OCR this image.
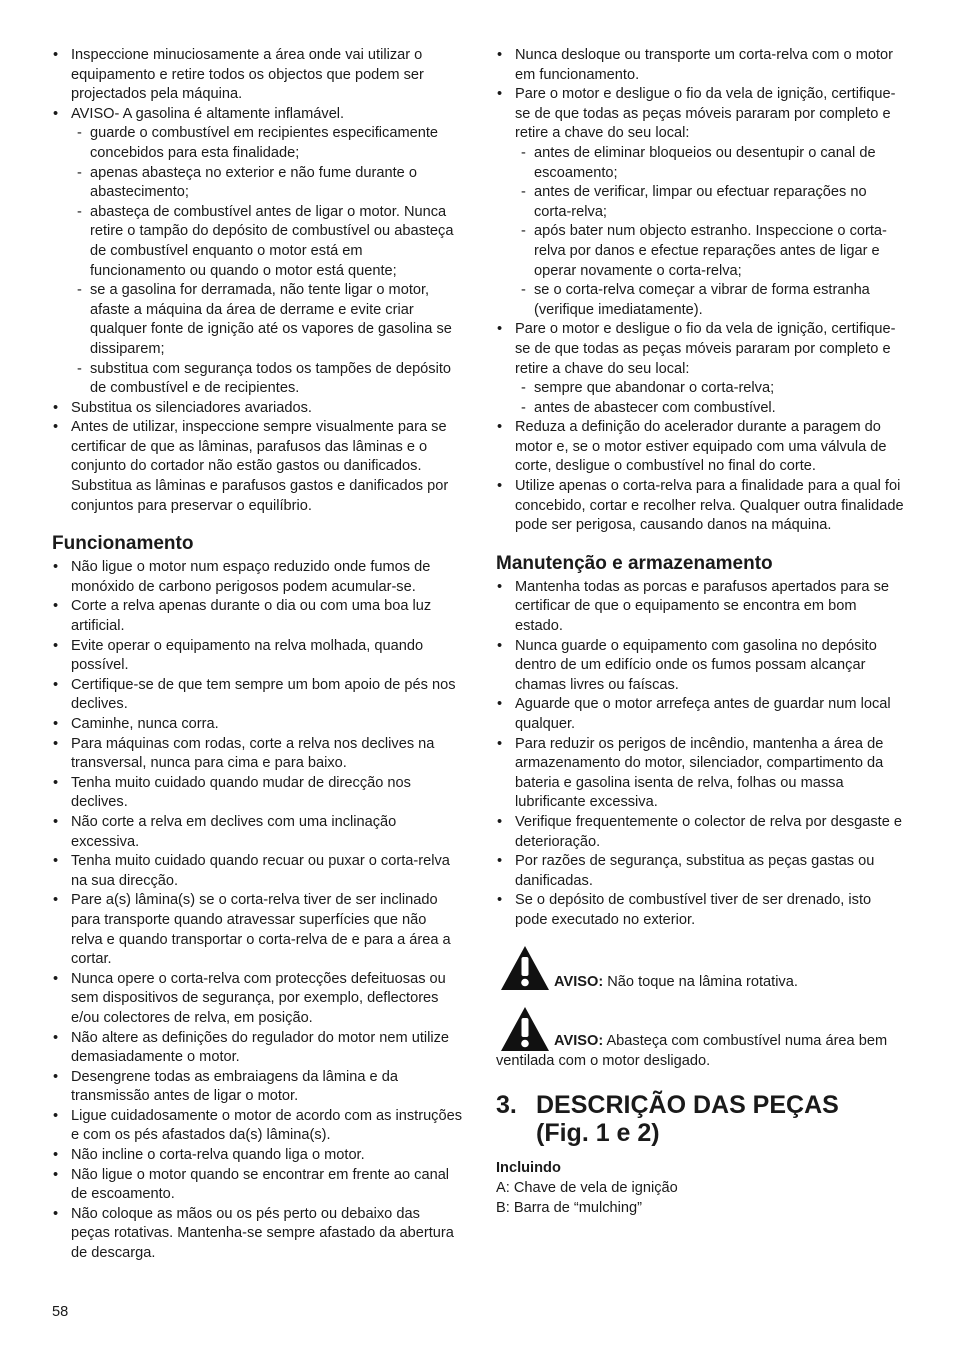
• Inspeccione minuciosamente a área onde vai utilizar o equipamento e retire todos os objectos que podem ser projectados pela máquina.
• AVISO- A gasolina é altamente inflamável.
- guarde o combustível em recipientes especificamente concebidos para esta finalidade;
- apenas abasteça no exterior e não fume durante o abastecimento;
- abasteça de combustível antes de ligar o motor. Nunca retire o tampão do depósito de combustível ou abasteça de combustível enquanto o motor está em funcionamento ou quando o motor está quente;
- se a gasolina for derramada, não tente ligar o motor, afaste a máquina da área de derrame e evite criar qualquer fonte de ignição até os vapores de gasolina se dissiparem;
- substitua com segurança todos os tampões de depósito de combustível e de recipientes.
• Substitua os silenciadores avariados.
• Antes de utilizar, inspeccione sempre visualmente para se certificar de que as lâminas, parafusos das lâminas e o conjunto do cortador não estão gastos ou danificados. Substitua as lâminas e parafusos gastos e danificados por conjuntos para preservar o equilíbrio.
Funcionamento
• Não ligue o motor num espaço reduzido onde fumos de monóxido de carbono perigosos podem acumular-se.
• Corte a relva apenas durante o dia ou com uma boa luz artificial.
• Evite operar o equipamento na relva molhada, quando possível.
• Certifique-se de que tem sempre um bom apoio de pés nos declives.
• Caminhe, nunca corra.
• Para máquinas com rodas, corte a relva nos declives na transversal, nunca para cima e para baixo.
• Tenha muito cuidado quando mudar de direcção nos declives.
• Não corte a relva em declives com uma inclinação excessiva.
• Tenha muito cuidado quando recuar ou puxar o corta-relva na sua direcção.
• Pare a(s) lâmina(s) se o corta-relva tiver de ser inclinado para transporte quando atravessar superfícies que não relva e quando transportar o corta-relva de e para a área a cortar.
• Nunca opere o corta-relva com protecções defeituosas ou sem dispositivos de segurança, por exemplo, deflectores e/ou colectores de relva, em posição.
• Não altere as definições do regulador do motor nem utilize demasiadamente o motor.
• Desengrene todas as embraiagens da lâmina e da transmissão antes de ligar o motor.
• Ligue cuidadosamente o motor de acordo com as instruções e com os pés afastados da(s) lâmina(s).
• Não incline o corta-relva quando liga o motor.
• Não ligue o motor quando se encontrar em frente ao canal de escoamento.
• Não coloque as mãos ou os pés perto ou debaixo das peças rotativas. Mantenha-se sempre afastado da abertura de descarga.
• Nunca desloque ou transporte um corta-relva com o motor em funcionamento.
• Pare o motor e desligue o fio da vela de ignição, certifique-se de que todas as peças móveis pararam por completo e retire a chave do seu local:
- antes de eliminar bloqueios ou desentupir o canal de escoamento;
- antes de verificar, limpar ou efectuar reparações no corta-relva;
- após bater num objecto estranho. Inspeccione o corta-relva por danos e efectue reparações antes de ligar e operar novamente o corta-relva;
- se o corta-relva começar a vibrar de forma estranha (verifique imediatamente).
• Pare o motor e desligue o fio da vela de ignição, certifique-se de que todas as peças móveis pararam por completo e retire a chave do seu local:
- sempre que abandonar o corta-relva;
- antes de abastecer com combustível.
• Reduza a definição do acelerador durante a paragem do motor e, se o motor estiver equipado com uma válvula de corte, desligue o combustível no final do corte.
• Utilize apenas o corta-relva para a finalidade para a qual foi concebido, cortar e recolher relva. Qualquer outra finalidade pode ser perigosa, causando danos na máquina.
Manutenção e armazenamento
• Mantenha todas as porcas e parafusos apertados para se certificar de que o equipamento se encontra em bom estado.
• Nunca guarde o equipamento com gasolina no depósito dentro de um edifício onde os fumos possam alcançar chamas livres ou faíscas.
• Aguarde que o motor arrefeça antes de guardar num local qualquer.
• Para reduzir os perigos de incêndio, mantenha a área de armazenamento do motor, silenciador, compartimento da bateria e gasolina isenta de relva, folhas ou massa lubrificante excessiva.
• Verifique frequentemente o colector de relva por desgaste e deterioração.
• Por razões de segurança, substitua as peças gastas ou danificadas.
• Se o depósito de combustível tiver de ser drenado, isto pode executado no exterior.

AVISO: Não toque na lâmina rotativa.

AVISO: Abasteça com combustível numa área bem ventilada com o motor desligado.

3. DESCRIÇÃO DAS PEÇAS (Fig. 1 e 2)
Incluindo
A: Chave de vela de ignição
B: Barra de “mulching”
58
